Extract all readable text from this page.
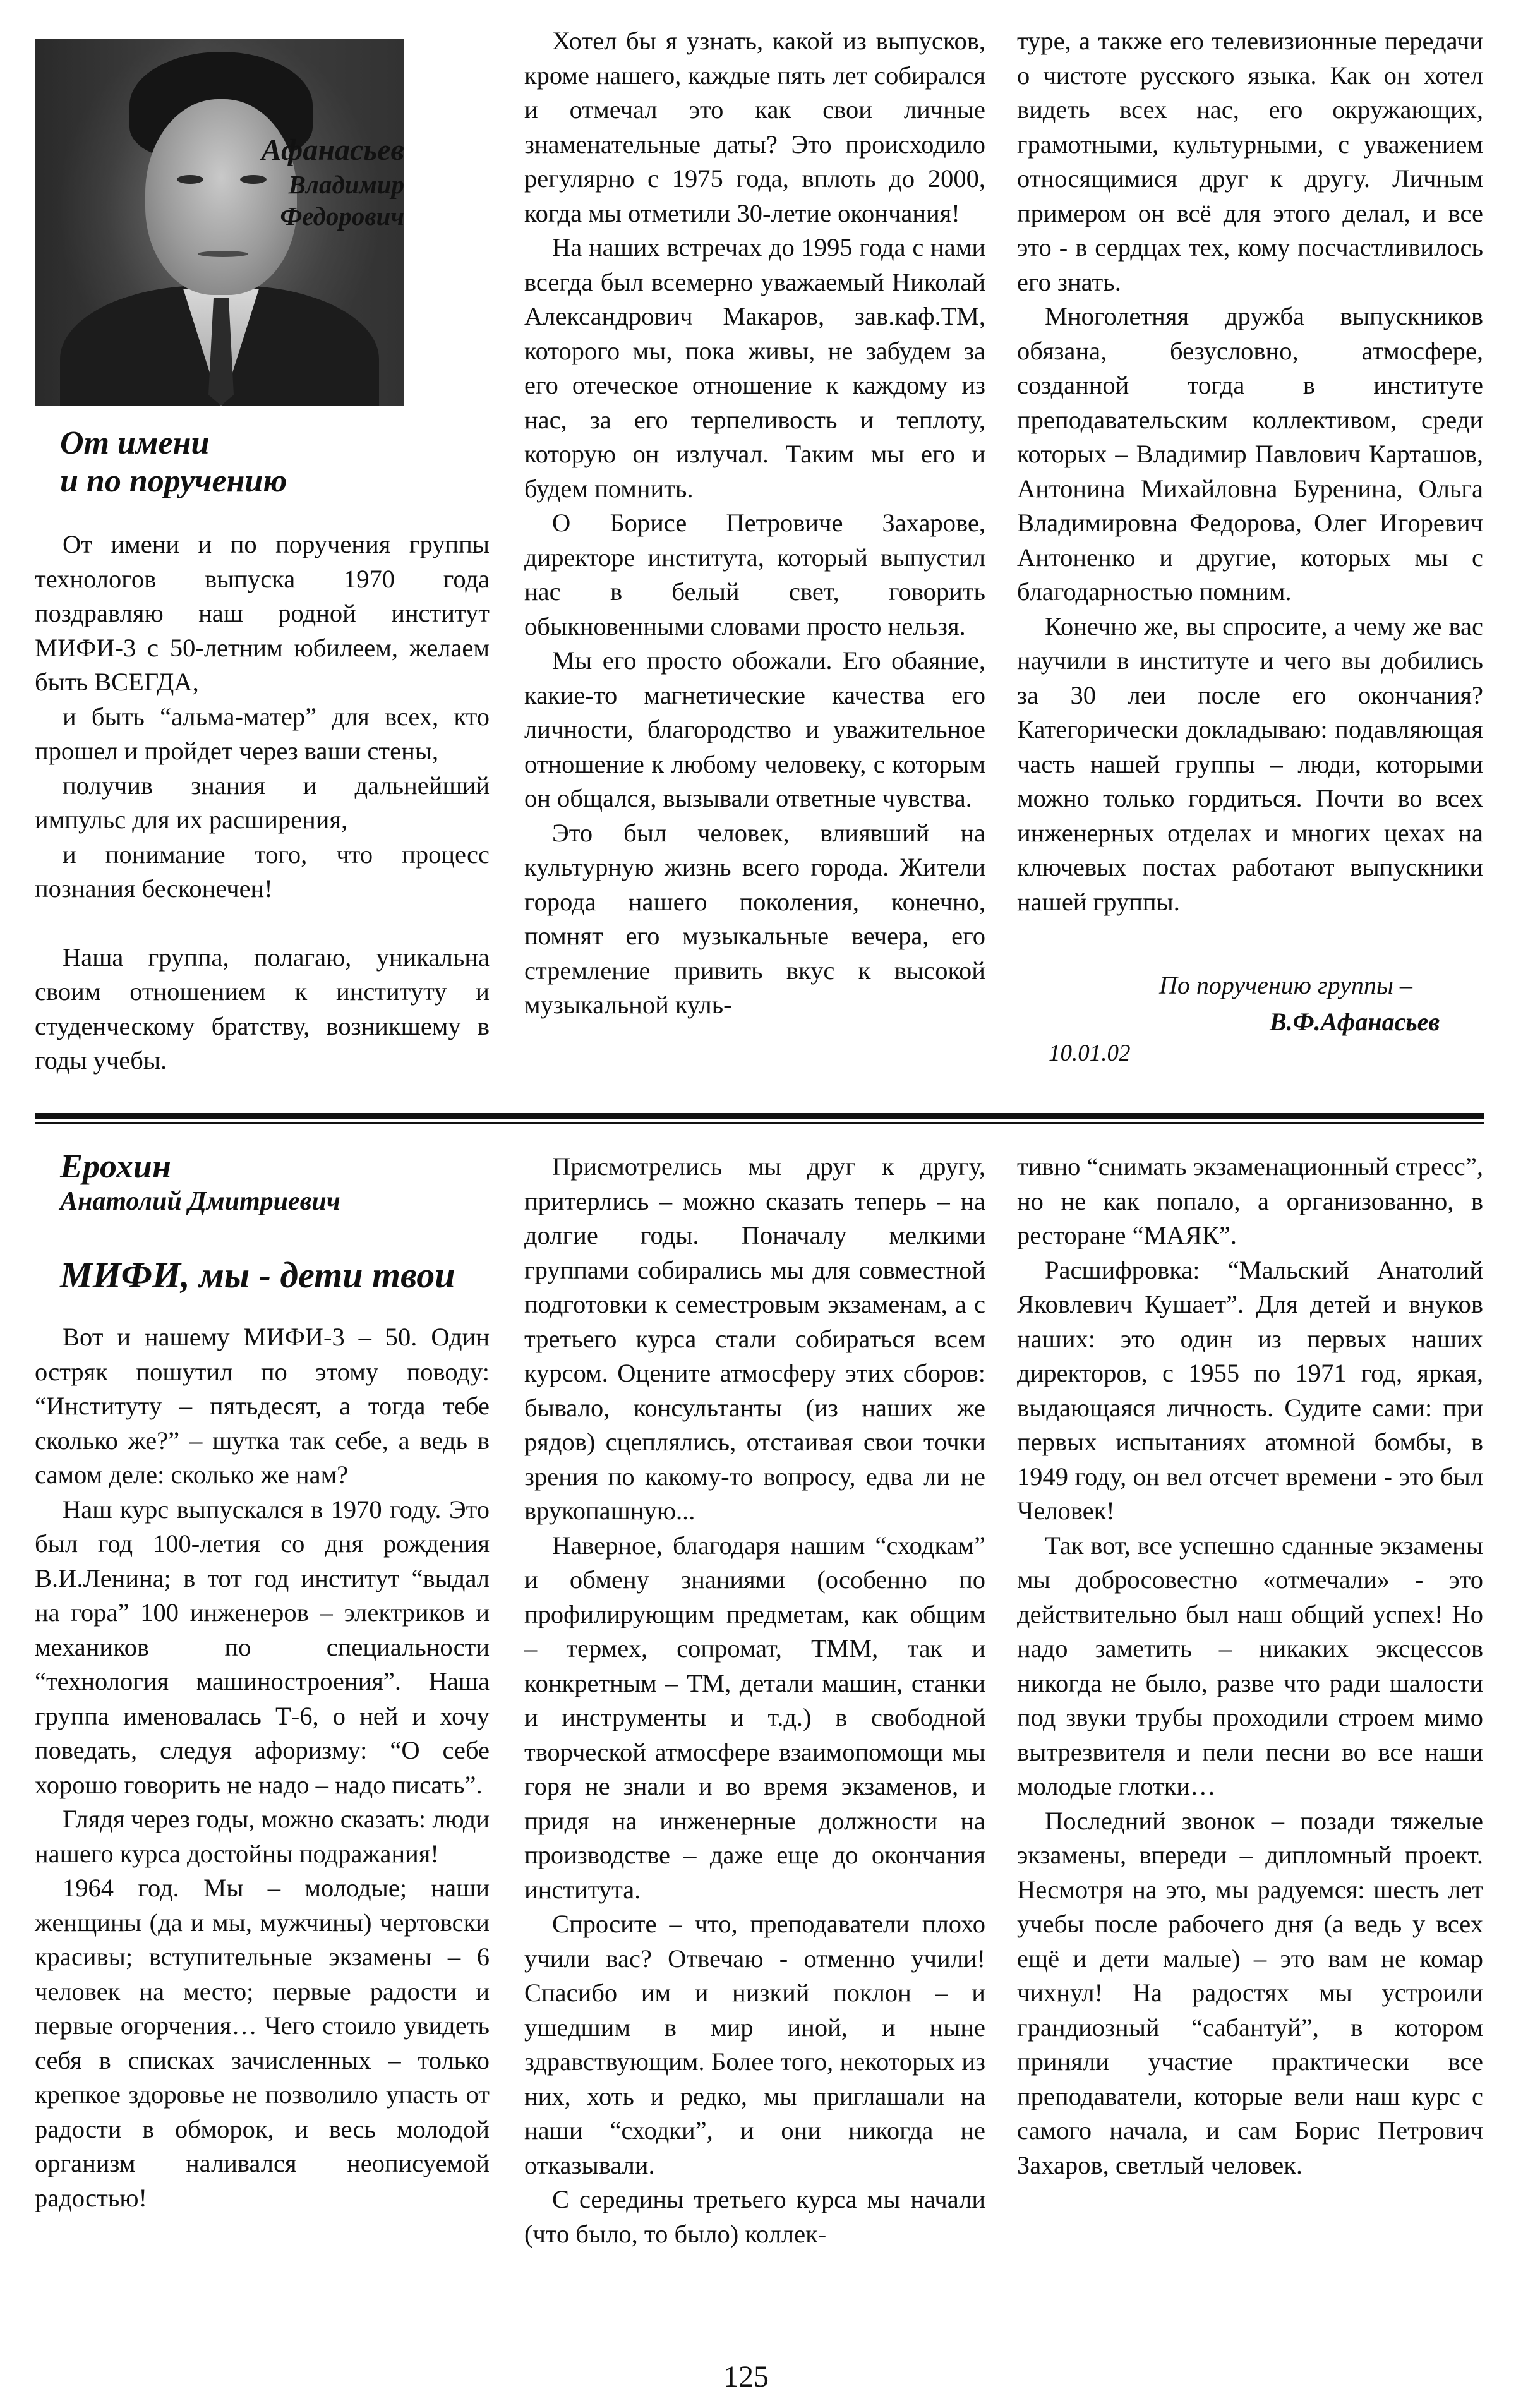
Афанасьев
Владимир
Федорович
От имени
и по поручению

От имени и по поручения группы технологов выпуска 1970 года поздравляю наш родной институт МИФИ-3 с 50-летним юбилеем, желаем быть ВСЕГДА,

и быть “альма-матер” для всех, кто прошел и пройдет через ваши стены,

получив знания и дальнейший импульс для их расширения,

и понимание того, что процесс познания бесконечен!

Наша группа, полагаю, уникальна своим отношением к институту и студенческому братству, возникшему в годы учебы.

Хотел бы я узнать, какой из выпусков, кроме нашего, каждые пять лет собирался и отмечал это как свои личные знаменательные даты? Это происходило регулярно с 1975 года, вплоть до 2000, когда мы отметили 30-летие окончания!

На наших встречах до 1995 года с нами всегда был всемерно уважаемый Николай Александрович Макаров, зав.каф.ТМ, которого мы, пока живы, не забудем за его отеческое отношение к каждому из нас, за его терпеливость и теплоту, которую он излучал. Таким мы его и будем помнить.

О Борисе Петровиче Захарове, директоре института, который выпустил нас в белый свет, говорить обыкновенными словами просто нельзя.

Мы его просто обожали. Его обаяние, какие-то магнетические качества его личности, благородство и уважительное отношение к любому человеку, с которым он общался, вызывали ответные чувства.

Это был человек, влиявший на культурную жизнь всего города. Жители города нашего поколения, конечно, помнят его музыкальные вечера, его стремление привить вкус к высокой музыкальной куль-

туре, а также его телевизионные передачи о чистоте русского языка. Как он хотел видеть всех нас, его окружающих, грамотными, культурными, с уважением относящимися друг к другу. Личным примером он всё для этого делал, и все это - в сердцах тех, кому посчастливилось его знать.

Многолетняя дружба выпускников обязана, безусловно, атмосфере, созданной тогда в институте преподавательским коллективом, среди которых – Владимир Павлович Карташов, Антонина Михайловна Буренина, Ольга Владимировна Федорова, Олег Игоревич Антоненко и другие, которых мы с благодарностью помним.

Конечно же, вы спросите, а чему же вас научили в институте и чего вы добились за 30 леи после его окончания? Категорически докладываю: подавляющая часть нашей группы – люди, которыми можно только гордиться. Почти во всех инженерных отделах и многих цехах на ключевых постах работают выпускники нашей группы.

По поручению группы –
В.Ф.Афанасьев
10.01.02
Ерохин
Анатолий Дмитриевич
МИФИ, мы - дети твои

Вот и нашему МИФИ-3 – 50. Один остряк пошутил по этому поводу: “Институту – пятьдесят, а тогда тебе сколько же?” – шутка так себе, а ведь в самом деле: сколько же нам?

Наш курс выпускался в 1970 году. Это был год 100-летия со дня рождения В.И.Ленина; в тот год институт “выдал на гора” 100 инженеров – электриков и механиков по специальности “технология машиностроения”. Наша группа именовалась Т-6, о ней и хочу поведать, следуя афоризму: “О себе хорошо говорить не надо – надо писать”.

Глядя через годы, можно сказать: люди нашего курса достойны подражания!

1964 год. Мы – молодые; наши женщины (да и мы, мужчины) чертовски красивы; вступительные экзамены – 6 человек на место; первые радости и первые огорчения… Чего стоило увидеть себя в списках зачисленных – только крепкое здоровье не позволило упасть от радости в обморок, и весь молодой организм наливался неописуемой радостью!

Присмотрелись мы друг к другу, притерлись – можно сказать теперь – на долгие годы. Поначалу мелкими группами собирались мы для совместной подготовки к семестровым экзаменам, а с третьего курса стали собираться всем курсом. Оцените атмосферу этих сборов: бывало, консультанты (из наших же рядов) сцеплялись, отстаивая свои точки зрения по какому-то вопросу, едва ли не врукопашную...

Наверное, благодаря нашим “сходкам” и обмену знаниями (особенно по профилирующим предметам, как общим – термех, сопромат, ТММ, так и конкретным – ТМ, детали машин, станки и инструменты и т.д.) в свободной творческой атмосфере взаимопомощи мы горя не знали и во время экзаменов, и придя на инженерные должности на производстве – даже еще до окончания института.

Спросите – что, преподаватели плохо учили вас? Отвечаю - отменно учили! Спасибо им и низкий поклон – и ушедшим в мир иной, и ныне здравствующим. Более того, некоторых из них, хоть и редко, мы приглашали на наши “сходки”, и они никогда не отказывали.

С середины третьего курса мы начали (что было, то было) коллек-

тивно “снимать экзаменационный стресс”, но не как попало, а организованно, в ресторане “МАЯК”.

Расшифровка: “Мальский Анатолий Яковлевич Кушает”. Для детей и внуков наших: это один из первых наших директоров, с 1955 по 1971 год, яркая, выдающаяся личность. Судите сами: при первых испытаниях атомной бомбы, в 1949 году, он вел отсчет времени - это был Человек!

Так вот, все успешно сданные экзамены мы добросовестно «отмечали» - это действительно был наш общий успех! Но надо заметить – никаких эксцессов никогда не было, разве что ради шалости под звуки трубы проходили строем мимо вытрезвителя и пели песни во все наши молодые глотки…

Последний звонок – позади тяжелые экзамены, впереди – дипломный проект. Несмотря на это, мы радуемся: шесть лет учебы после рабочего дня (а ведь у всех ещё и дети малые) – это вам не комар чихнул! На радостях мы устроили грандиозный “сабантуй”, в котором приняли участие практически все преподаватели, которые вели наш курс с самого начала, и сам Борис Петрович Захаров, светлый человек.

125
